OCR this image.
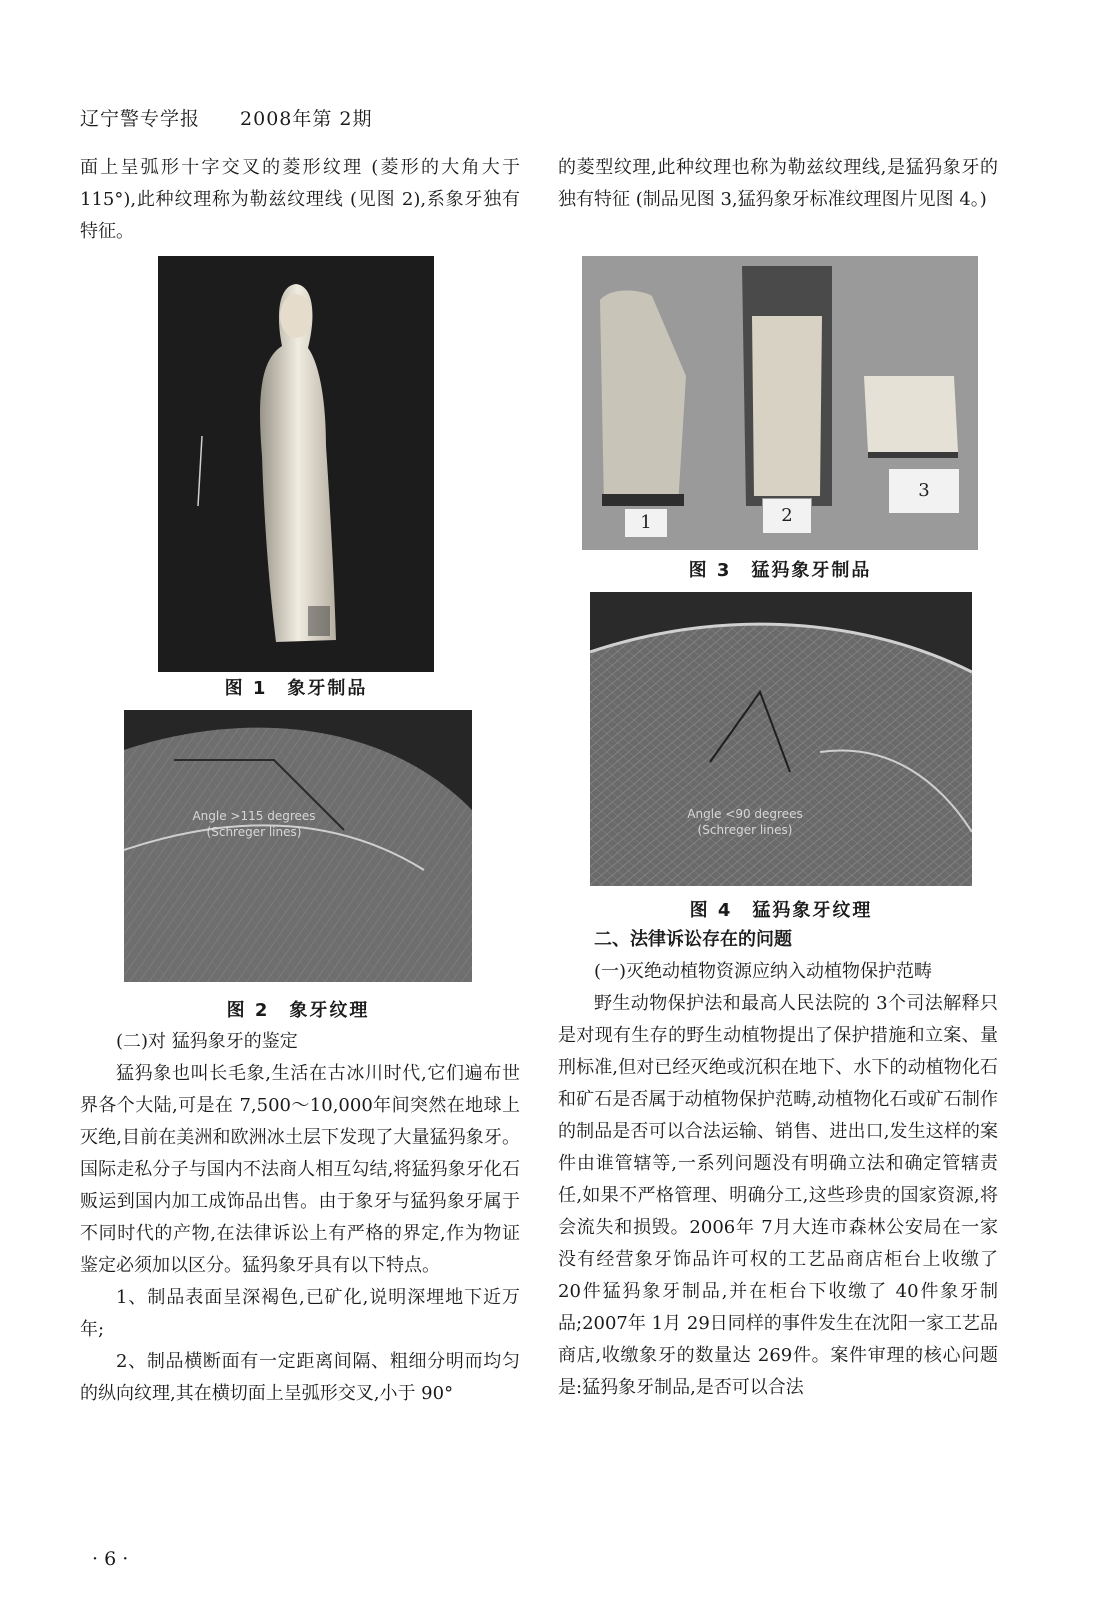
辽宁警专学报 2008年第 2期

面上呈弧形十字交叉的菱形纹理 (菱形的大角大于 115°),此种纹理称为勒兹纹理线 (见图 2),系象牙独有特征。

图 1　象牙制品
Angle >115 degrees
(Schreger lines)
图 2　象牙纹理

(二)对 猛犸象牙的鉴定

猛犸象也叫长毛象,生活在古冰川时代,它们遍布世界各个大陆,可是在 7,500～10,000年间突然在地球上灭绝,目前在美洲和欧洲冰土层下发现了大量猛犸象牙。国际走私分子与国内不法商人相互勾结,将猛犸象牙化石贩运到国内加工成饰品出售。由于象牙与猛犸象牙属于不同时代的产物,在法律诉讼上有严格的界定,作为物证鉴定必须加以区分。猛犸象牙具有以下特点。

1、制品表面呈深褐色,已矿化,说明深埋地下近万年;

2、制品横断面有一定距离间隔、粗细分明而均匀的纵向纹理,其在横切面上呈弧形交叉,小于 90°

的菱型纹理,此种纹理也称为勒兹纹理线,是猛犸象牙的独有特征 (制品见图 3,猛犸象牙标准纹理图片见图 4。)

1	2
3
图 3　猛犸象牙制品
Angle <90 degrees
(Schreger lines)
图 4　猛犸象牙纹理

二、法律诉讼存在的问题

(一)灭绝动植物资源应纳入动植物保护范畴

野生动物保护法和最高人民法院的 3个司法解释只是对现有生存的野生动植物提出了保护措施和立案、量刑标准,但对已经灭绝或沉积在地下、水下的动植物化石和矿石是否属于动植物保护范畴,动植物化石或矿石制作的制品是否可以合法运输、销售、进出口,发生这样的案件由谁管辖等,一系列问题没有明确立法和确定管辖责任,如果不严格管理、明确分工,这些珍贵的国家资源,将会流失和损毁。2006年 7月大连市森林公安局在一家没有经营象牙饰品许可权的工艺品商店柜台上收缴了 20件猛犸象牙制品,并在柜台下收缴了 40件象牙制品;2007年 1月 29日同样的事件发生在沈阳一家工艺品商店,收缴象牙的数量达 269件。案件审理的核心问题是:猛犸象牙制品,是否可以合法

· 6 ·
